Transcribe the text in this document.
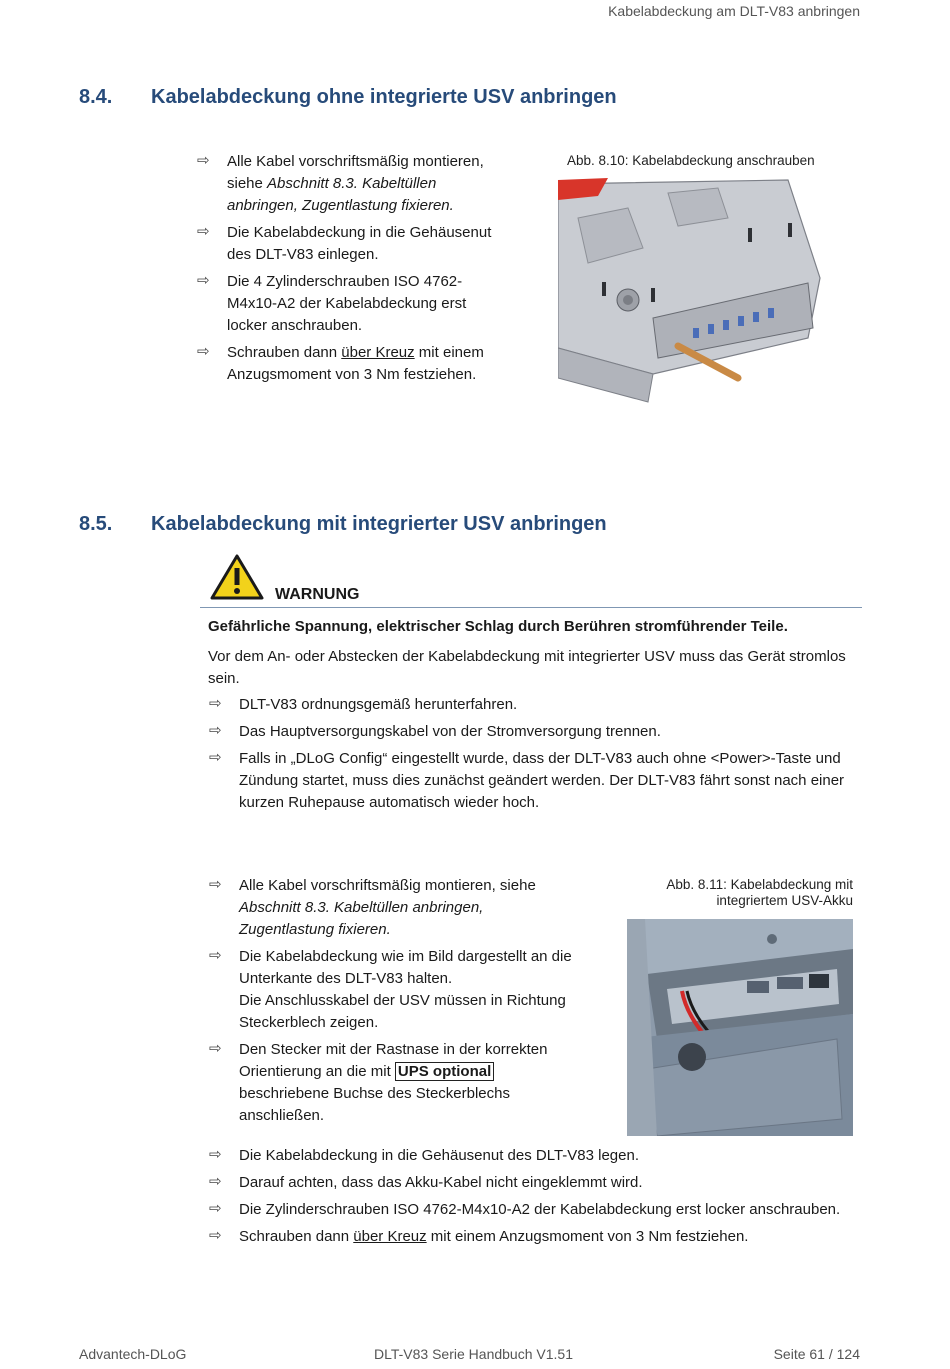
Kabelabdeckung am DLT-V83 anbringen
8.4. Kabelabdeckung ohne integrierte USV anbringen
⇨ Alle Kabel vorschriftsmäßig montieren, siehe Abschnitt 8.3. Kabeltüllen anbringen, Zugentlastung fixieren.
⇨ Die Kabelabdeckung in die Gehäusenut des DLT-V83 einlegen.
⇨ Die 4 Zylinderschrauben ISO 4762-M4x10-A2 der Kabelabdeckung erst locker anschrauben.
⇨ Schrauben dann über Kreuz mit einem Anzugsmoment von 3 Nm festziehen.
Abb. 8.10: Kabelabdeckung anschrauben
8.5. Kabelabdeckung mit integrierter USV anbringen
WARNUNG
Gefährliche Spannung, elektrischer Schlag durch Berühren stromführender Teile.
Vor dem An- oder Abstecken der Kabelabdeckung mit integrierter USV muss das Gerät stromlos sein.
⇨ DLT-V83 ordnungsgemäß herunterfahren.
⇨ Das Hauptversorgungskabel von der Stromversorgung trennen.
⇨ Falls in „DLoG Config“ eingestellt wurde, dass der DLT-V83 auch ohne <Power>-Taste und Zündung startet, muss dies zunächst geändert werden. Der DLT-V83 fährt sonst nach einer kurzen Ruhepause automatisch wieder hoch.
⇨ Alle Kabel vorschriftsmäßig montieren, siehe Abschnitt 8.3. Kabeltüllen anbringen, Zugentlastung fixieren.
⇨ Die Kabelabdeckung wie im Bild dargestellt an die Unterkante des DLT-V83 halten.
Die Anschlusskabel der USV müssen in Richtung Steckerblech zeigen.
⇨ Den Stecker mit der Rastnase in der korrekten Orientierung an die mit UPS optional beschriebene Buchse des Steckerblechs anschließen.
Abb. 8.11: Kabelabdeckung mit
integriertem USV-Akku
⇨ Die Kabelabdeckung in die Gehäusenut des DLT-V83 legen.
⇨ Darauf achten, dass das Akku-Kabel nicht eingeklemmt wird.
⇨ Die Zylinderschrauben ISO 4762-M4x10-A2 der Kabelabdeckung erst locker anschrauben.
⇨ Schrauben dann über Kreuz mit einem Anzugsmoment von 3 Nm festziehen.
Advantech-DLoG	DLT-V83 Serie Handbuch V1.51	Seite 61 / 124
